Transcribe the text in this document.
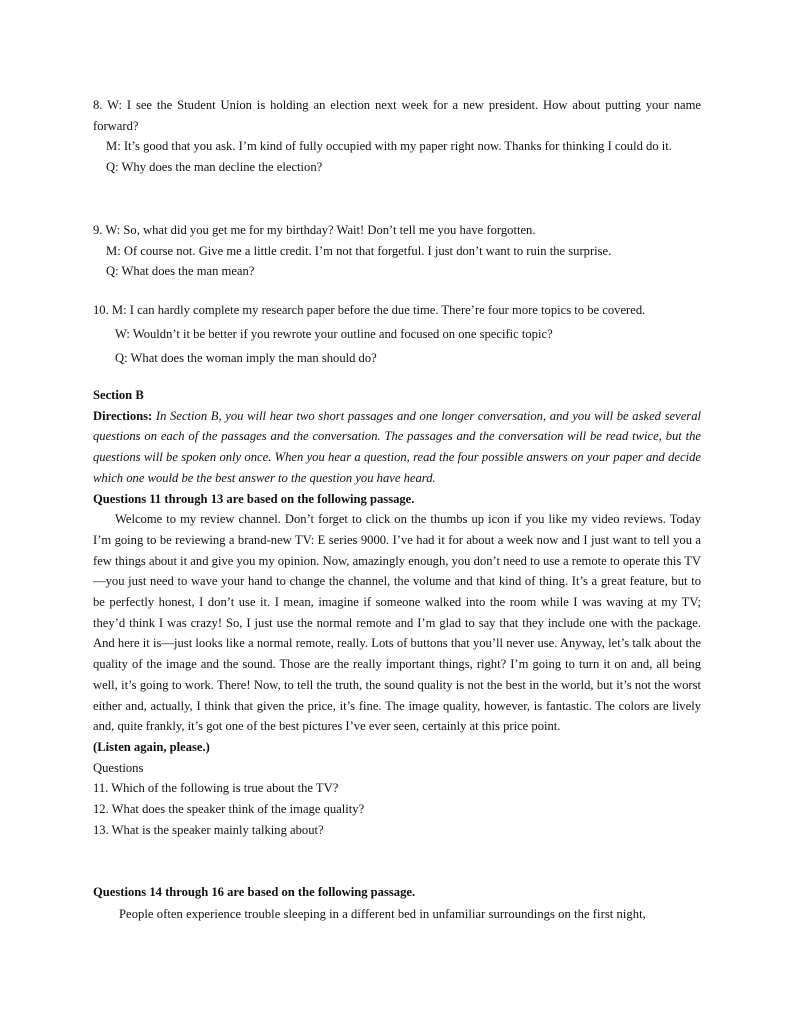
8. W: I see the Student Union is holding an election next week for a new president. How about putting your name forward?
M: It’s good that you ask. I’m kind of fully occupied with my paper right now. Thanks for thinking I could do it.
Q: Why does the man decline the election?
9. W: So, what did you get me for my birthday? Wait! Don’t tell me you have forgotten.
M: Of course not. Give me a little credit. I’m not that forgetful. I just don’t want to ruin the surprise.
Q: What does the man mean?
10. M: I can hardly complete my research paper before the due time. There’re four more topics to be covered.
W: Wouldn’t it be better if you rewrote your outline and focused on one specific topic?
Q: What does the woman imply the man should do?
Section B
Directions: In Section B, you will hear two short passages and one longer conversation, and you will be asked several questions on each of the passages and the conversation. The passages and the conversation will be read twice, but the questions will be spoken only once. When you hear a question, read the four possible answers on your paper and decide which one would be the best answer to the question you have heard.
Questions 11 through 13 are based on the following passage.
Welcome to my review channel. Don’t forget to click on the thumbs up icon if you like my video reviews. Today I’m going to be reviewing a brand-new TV: E series 9000. I’ve had it for about a week now and I just want to tell you a few things about it and give you my opinion. Now, amazingly enough, you don’t need to use a remote to operate this TV—you just need to wave your hand to change the channel, the volume and that kind of thing. It’s a great feature, but to be perfectly honest, I don’t use it. I mean, imagine if someone walked into the room while I was waving at my TV; they’d think I was crazy! So, I just use the normal remote and I’m glad to say that they include one with the package. And here it is—just looks like a normal remote, really. Lots of buttons that you’ll never use. Anyway, let’s talk about the quality of the image and the sound. Those are the really important things, right? I’m going to turn it on and, all being well, it’s going to work. There! Now, to tell the truth, the sound quality is not the best in the world, but it’s not the worst either and, actually, I think that given the price, it’s fine. The image quality, however, is fantastic. The colors are lively and, quite frankly, it’s got one of the best pictures I’ve ever seen, certainly at this price point.
(Listen again, please.)
Questions
11. Which of the following is true about the TV?
12. What does the speaker think of the image quality?
13. What is the speaker mainly talking about?
Questions 14 through 16 are based on the following passage.
People often experience trouble sleeping in a different bed in unfamiliar surroundings on the first night,
